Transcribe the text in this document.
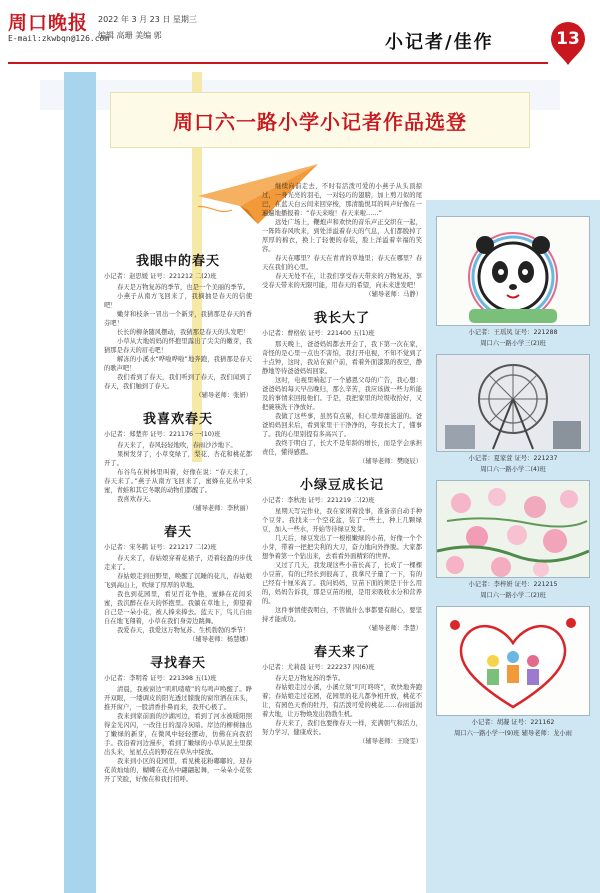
周口晚报
E-mail:zkwbqn@126.com
2022 年 3 月 23 日 星期三
编辑 高珊 美编 郭	小记者/佳作	13
周口六一路小学小记者作品选登
我眼中的春天
小记者：赵思媛 证号：221212 二(2)班

春天是万物复苏的季节，也是一个美丽的季节。

小燕子从南方飞回来了，我摘抽是春天的信使吧！

嫩芽和枝条一冒出一个新芽，我猜那是春天的香芬吧！

长长的柳条随风摆动，我猜那是春天的头发吧！

小草从大地妈妈的怀抱里露出了尖尖的嫩芽，我猜那是春天的眉毛吧！

解冻的小溪水“哗啦哗啦”地奔跑，我猜那是春天的歌声吧！

我们看到了春天，我们听到了春天，我们闻到了春天，我们触到了春天。

（辅导老师：张妍）
我喜欢春天
小记者：郑楚弈 证号：221176 一(10)班

春天来了，春风轻轻地吹，春雨沙沙地下。

果树发芽了，小草变绿了，梨花、杏花和桃花都开了。

布谷鸟在树林里叫着，好像在说：“春天来了，春天来了。”燕子从南方飞回来了，蜜蜂在花丛中采蜜，青蛙和其它冬眠的动物们都醒了。

我喜欢春天。

（辅导老师：李秋丽）
春天
小记者：宋冬鹤 证号：221217 二(2)班

春天来了，春姑娘穿着花裙子，迈着轻盈的步伐走来了。

春姑娘走到田野里，唤醒了沉睡的花儿，春姑娘飞到高山上，吹绿了厚厚的草地。

我也到花园里，看见百花争艳，蜜蜂在花间采蜜，我沉醉在春天的怀抱里。我躺在草地上，仰望着自己是一朵小花，被人捧来捧去。蓝天下，鸟儿自由自在地飞翔着，小草在我们身旁边跳舞。

我爱春天，我爱这万物复苏、生机勃勃的季节！

（辅导老师：杨慧娜）
寻找春天
小记者：李明希 证号：221398 五(1)班

清晨，我被窗边“叽叽喳喳”的鸟鸣声唤醒了。睁开双眼，一缕调皮的阳光透过朦胧的窗帘洒在床头，推开窗户，一股清香扑鼻而来，我开心极了。

我来到家前面的沙湖河边，看到了河水被暖阳照得金光闪闪，一改往日的湿冷灰暗。岸边的柳树抽出了嫩绿的新芽，在微风中轻轻摆动，仿佛在向我招手。我沿着河边漫步，看到了嫩绿的小草从泥土里探出头来，星星点点的野花在草丛中绽放。

我来到小区的花园里，看见桃花粉嘟嘟的，迎春花黄灿灿的，蝴蝶在花丛中翩翩起舞，一朵朵小花张开了笑脸，好像在和我打招呼。

继续向前走去，不时有活泼可爱的小燕子从头顶掠过，一身光亮的羽毛，一对轻巧的翅膀，加上剪刀似的尾巴，在蓝天白云间来回穿梭，那清脆悦耳的叫声好像在一遍遍地播报着：“春天来啦！春天来啦……”

远处广场上，鞭炮声和欢快的音乐声正交织在一起，一阵阵春风吹来，到处洋溢着春天的气息，人们都脱掉了厚厚的棉衣，换上了轻便的春装，脸上洋溢着幸福的笑容。

春天在哪里？春天在青青的草地里；春天在哪里？春天在我们的心里。

春天无处不在，让我们享受春天带来的万物复苏，享受春天带来的无限可能，用春天的希望，向未来进发吧！

（辅导老师：马静）
我长大了
小记者：曹格依 证号：221400 五(1)班

那天晚上，爸爸妈妈都去开会了，我下第一次在家，奇怪的是心里一点也不害怕，我打开电视，不知不觉到了十点钟，这时，我站在窗户前，看着外面漆黑的夜空，静静地等待爸爸妈妈回家。

这时，电视里响起了一个感恩父母的广告，我心想：爸爸妈妈每天早出晚归，那么辛苦，我应该做一些力所能及的事情来回报他们。于是，我把家里的垃圾收拾好，又把碗筷洗干净放好。

我做了这些事，虽然有点累，但心里却甜滋滋的。爸爸妈妈回来后，看到家里干干净净的，夸我长大了，懂事了。我的心里别提有多高兴了。

我终于明白了，长大不是年龄的增长，而是学会承担责任，懂得感恩。

（辅导老师：樊晓辰）
小绿豆成长记
小记者：李秋池 证号：221219 二(2)班

星期天写完作业，我在家闲着没事，准备亲自动手种个豆芽。我找来一个空花盆，装了一些土，种上几颗绿豆，加入一些水，开始等待绿豆发芽。

几天后，绿豆发出了一根根嫩绿的小苗，好像一个个小芽，带着一把把尖利的大刀，奋力地向外挣脱。大家都想争着第一个钻出来，去看看外面精彩的世界。

又过了几天，我发现这些小苗长高了，长成了一棵棵小豆苗，有的已经长到很高了，我拿尺子量了一下，有的已经有十厘米高了。我问妈妈，豆苗下面的须是干什么用的，妈妈告诉我，那是豆苗的根，是用来吸收水分和营养的。

这件事情使我明白，不管做什么事都要有耐心，要坚持才能成功。

（辅导老师：李慧）
春天来了
小记者：尤莉晨 证号：222237 四(6)班

春天是万物复苏的季节。

春姑娘走过小溪，小溪立刻“叮叮咚咚”，欢快地奔跑着；春姑娘走过花园，花园里的花儿都争相开放，桃花不让，有园色天香的牡丹，有活泼可爱的桃花……春雨滋润着大地，让万物焕发出勃勃生机。

春天来了，我们也要像春天一样，充满朝气和活力，努力学习，健康成长。

（辅导老师：王晓雯）
小记者：王瑶凤 证号：221288
周口六一路小学三(2)班
小记者：夏家萱 证号：221237
周口六一路小学二(4)班
小记者：李梓妍 证号：221215
周口六一路小学二(2)班
小记者：胡凝 证号：221162
周口六一路小学一(9)班 辅导老师：龙小雨
